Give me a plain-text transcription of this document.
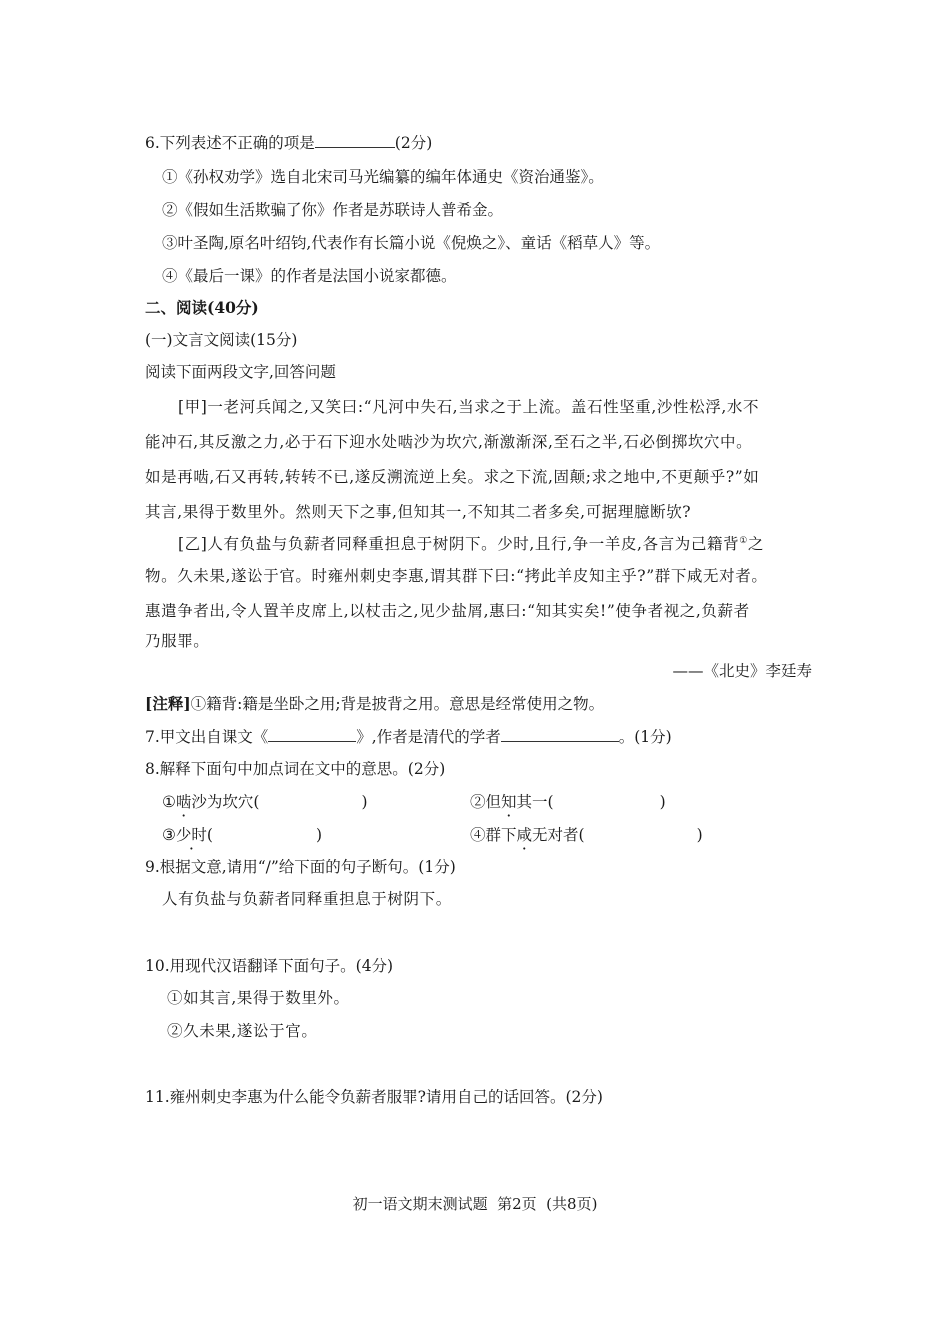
6.下列表述不正确的项是	(2分)
①《孙权劝学》选自北宋司马光编纂的编年体通史《资治通鉴》。
②《假如生活欺骗了你》作者是苏联诗人普希金。
③叶圣陶,原名叶绍钧,代表作有长篇小说《倪焕之》、童话《稻草人》等。
④《最后一课》的作者是法国小说家都德。
二、阅读(40分)
(一)文言文阅读(15分)
阅读下面两段文字,回答问题
[甲]一老河兵闻之,又笑曰:“凡河中失石,当求之于上流。盖石性坚重,沙性松浮,水不
能冲石,其反激之力,必于石下迎水处啮沙为坎穴,渐激渐深,至石之半,石必倒掷坎穴中。
如是再啮,石又再转,转转不已,遂反溯流逆上矣。求之下流,固颠;求之地中,不更颠乎?”如
其言,果得于数里外。然则天下之事,但知其一,不知其二者多矣,可据理臆断欤?
[乙]人有负盐与负薪者同释重担息于树阴下。少时,且行,争一羊皮,各言为己籍背①之
物。久未果,遂讼于官。时雍州刺史李惠,谓其群下曰:“拷此羊皮知主乎?”群下咸无对者。
惠遣争者出,令人置羊皮席上,以杖击之,见少盐屑,惠曰:“知其实矣!”使争者视之,负薪者
乃服罪。
——《北史》李廷寿
[注释]①籍背:籍是坐卧之用;背是披背之用。意思是经常使用之物。
7.甲文出自课文《	》,作者是清代的学者	。(1分)
8.解释下面句中加点词在文中的意思。(2分)
①啮沙为坎穴(	)	②但知其一(	)
③少时(	)	④群下咸无对者(	)
9.根据文意,请用“/”给下面的句子断句。(1分)
人有负盐与负薪者同释重担息于树阴下。
10.用现代汉语翻译下面句子。(4分)
①如其言,果得于数里外。
②久未果,遂讼于官。
11.雍州刺史李惠为什么能令负薪者服罪?请用自己的话回答。(2分)
初一语文期末测试题  第2页  (共8页)
